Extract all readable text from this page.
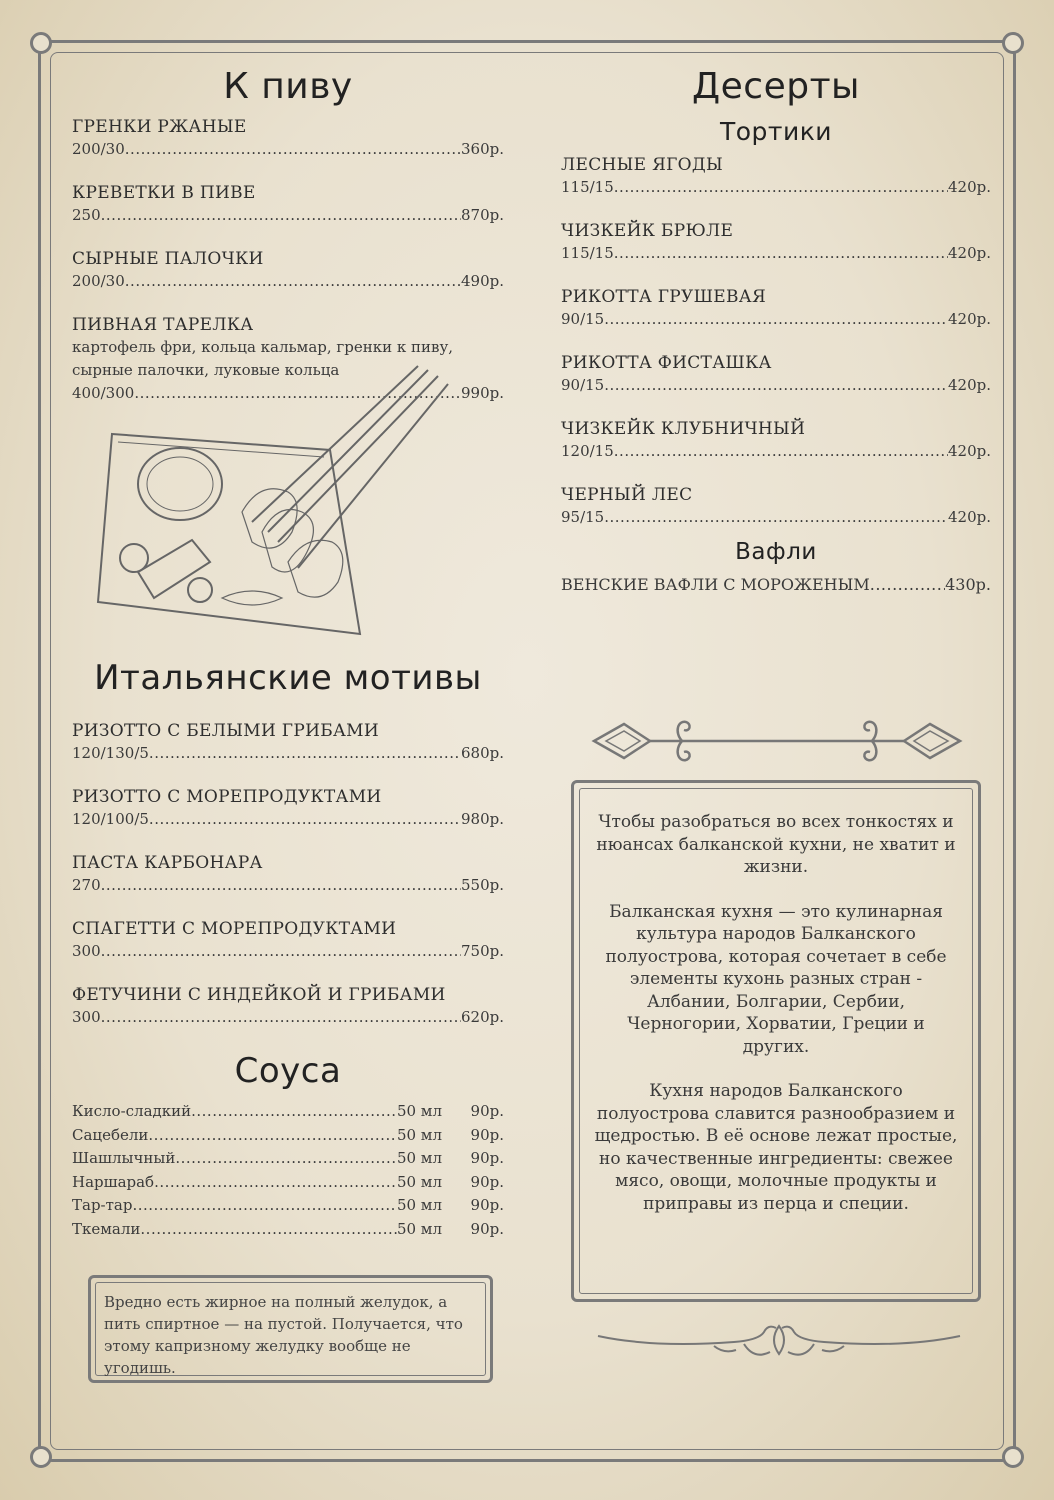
К пиву
ГРЕНКИ РЖАНЫЕ
200/30 .....	360р.
КРЕВЕТКИ В ПИВЕ
250 .....	870р.
СЫРНЫЕ ПАЛОЧКИ
200/30 .....	490р.
ПИВНАЯ ТАРЕЛКА
картофель фри, кольца кальмар, гренки к пиву,
сырные палочки, луковые кольца
400/300 .....	990р.
Итальянские мотивы
РИЗОТТО С БЕЛЫМИ ГРИБАМИ
120/130/5 .....	680р.
РИЗОТТО С МОРЕПРОДУКТАМИ
120/100/5 .....	980р.
ПАСТА КАРБОНАРА
270 .....	550р.
СПАГЕТТИ С МОРЕПРОДУКТАМИ
300 .....	750р.
ФЕТУЧИНИ С ИНДЕЙКОЙ И ГРИБАМИ
300 .....	620р.
Соуса
Кисло-сладкий .....	50 мл	90р.
Сацебели .....	50 мл	90р.
Шашлычный .....	50 мл	90р.
Наршараб .....	50 мл	90р.
Тар-тар .....	50 мл	90р.
Ткемали .....	50 мл	90р.
Вредно есть жирное на полный желудок, а пить спиртное — на пустой. Получается, что этому капризному желудку вообще не угодишь.
Десерты
Тортики
ЛЕСНЫЕ ЯГОДЫ
115/15 .....	420р.
ЧИЗКЕЙК БРЮЛЕ
115/15 .....	420р.
РИКОТТА ГРУШЕВАЯ
90/15 .....	420р.
РИКОТТА ФИСТАШКА
90/15 .....	420р.
ЧИЗКЕЙК КЛУБНИЧНЫЙ
120/15 .....	420р.
ЧЕРНЫЙ ЛЕС
95/15 .....	420р.
Вафли
ВЕНСКИЕ ВАФЛИ С МОРОЖЕНЫМ .....	430р.

Чтобы разобраться во всех тонкостях и нюансах балканской кухни, не хватит и жизни.

Балканская кухня — это кулинарная культура народов Балканского полуострова, которая сочетает в себе элементы кухонь разных стран - Албании, Болгарии, Сербии, Черногории, Хорватии, Греции и других.

Кухня народов Балканского полуострова славится разнообразием и щедростью. В её основе лежат простые, но качественные ингредиенты: свежее мясо, овощи, молочные продукты и приправы из перца и специи.
